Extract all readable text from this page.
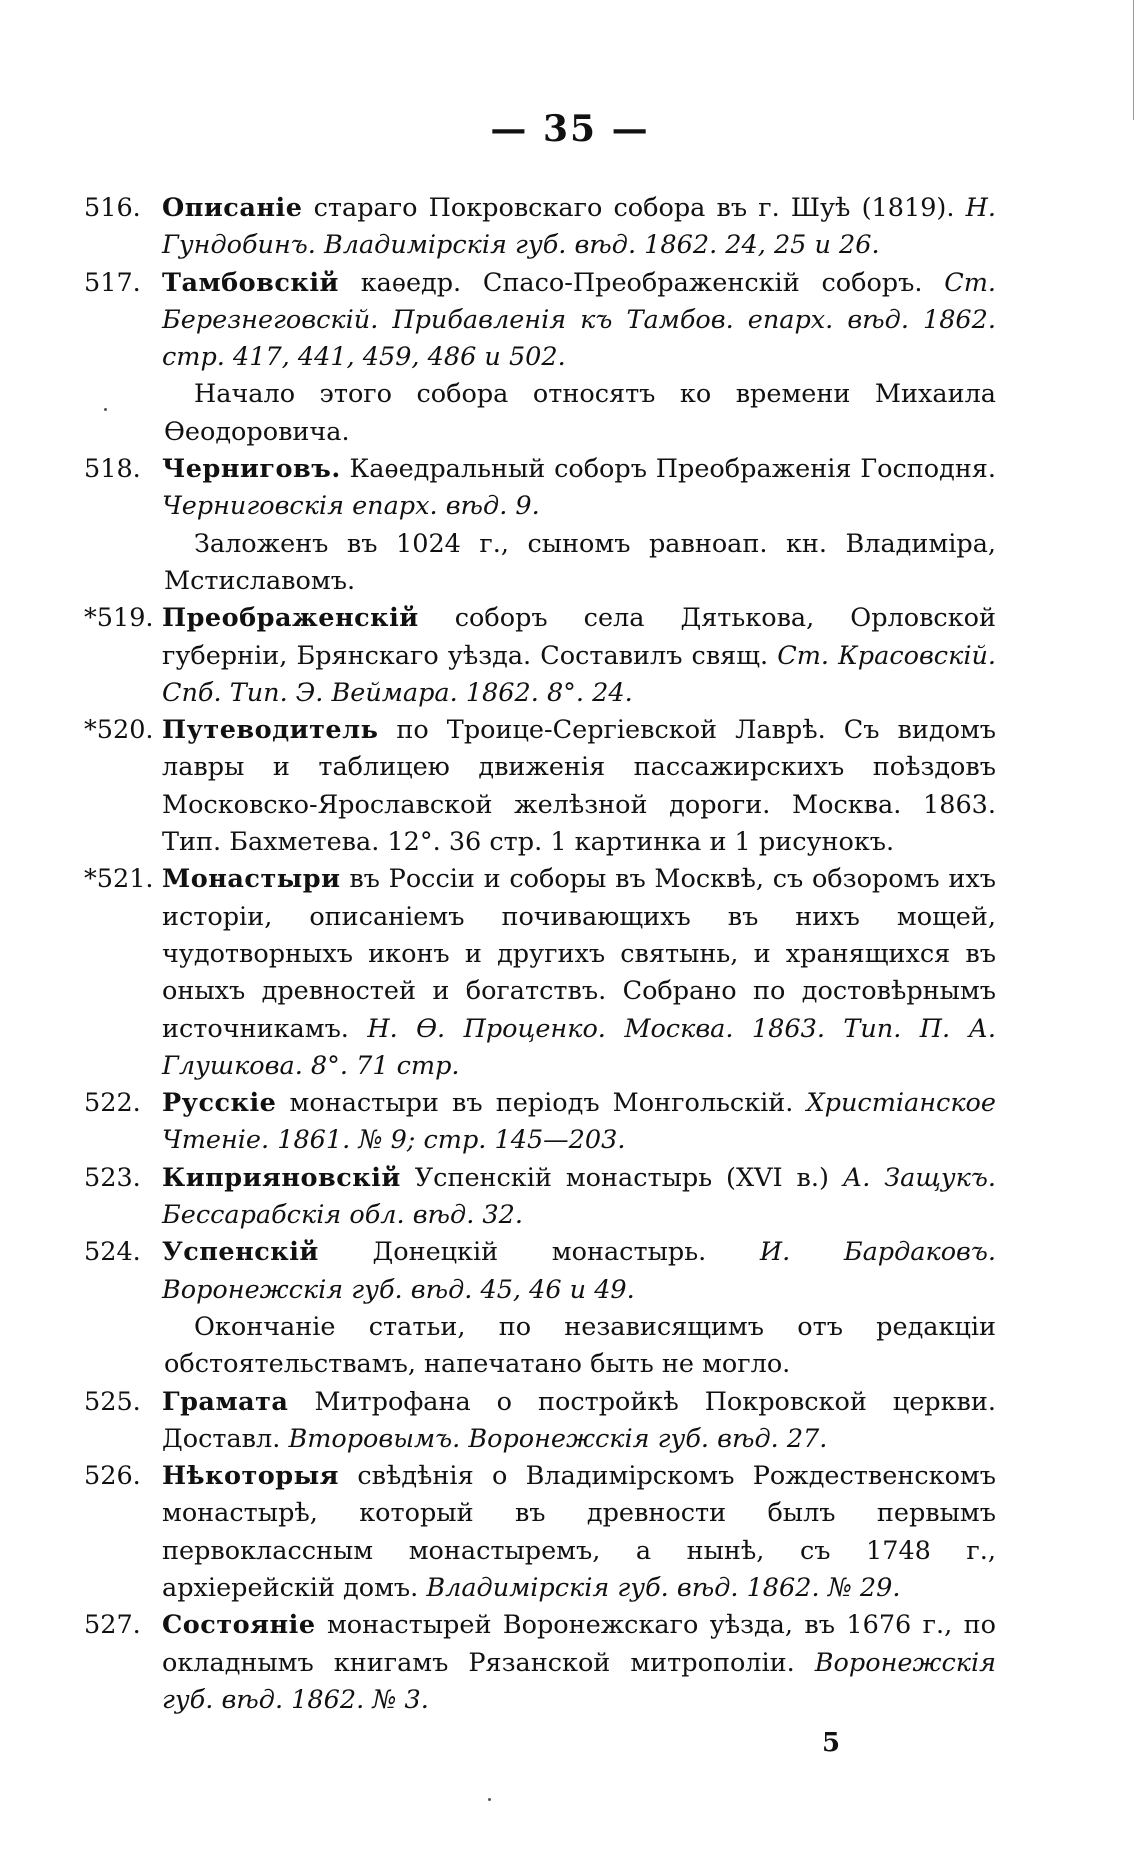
— 35 —
516. Описаніе стараго Покровскаго собора въ г. Шуѣ (1819). Н. Гундобинъ. Владимірскія губ. вѣд. 1862. 24, 25 и 26.
517. Тамбовскій каѳедр. Спасо-Преображенскій соборъ. Ст. Березнеговскій. Прибавленія къ Тамбов. епарх. вѣд. 1862. стр. 417, 441, 459, 486 и 502.
Начало этого собора относятъ ко времени Михаила Ѳеодоровича.
518. Черниговъ. Каѳедральный соборъ Преображенія Господня. Черниговскія епарх. вѣд. 9.
Заложенъ въ 1024 г., сыномъ равноап. кн. Владиміра, Мстиславомъ.
*519. Преображенскій соборъ села Дятькова, Орловской губерніи, Брянскаго уѣзда. Составилъ свящ. Ст. Красовскій. Спб. Тип. Э. Веймара. 1862. 8°. 24.
*520. Путеводитель по Троице-Сергіевской Лаврѣ. Съ видомъ лавры и таблицею движенія пассажирскихъ поѣздовъ Московско-Ярославской желѣзной дороги. Москва. 1863. Тип. Бахметева. 12°. 36 стр. 1 картинка и 1 рисунокъ.
*521. Монастыри въ Россіи и соборы въ Москвѣ, съ обзоромъ ихъ исторіи, описаніемъ почивающихъ въ нихъ мощей, чудотворныхъ иконъ и другихъ святынь, и хранящихся въ оныхъ древностей и богатствъ. Собрано по достовѣрнымъ источникамъ. Н. Ѳ. Проценко. Москва. 1863. Тип. П. А. Глушкова. 8°. 71 стр.
522. Русскіе монастыри въ періодъ Монгольскій. Христіанское Чтеніе. 1861. № 9; стр. 145—203.
523. Киприяновскій Успенскій монастырь (XVI в.) А. Защукъ. Бессарабскія обл. вѣд. 32.
524. Успенскій Донецкій монастырь. И. Бардаковъ. Воронежскія губ. вѣд. 45, 46 и 49.
Окончаніе статьи, по независящимъ отъ редакціи обстоятельствамъ, напечатано быть не могло.
525. Грамата Митрофана о постройкѣ Покровской церкви. Доставл. Второвымъ. Воронежскія губ. вѣд. 27.
526. Нѣкоторыя свѣдѣнія о Владимірскомъ Рождественскомъ монастырѣ, который въ древности былъ первымъ первоклассным монастыремъ, а нынѣ, съ 1748 г., архіерейскій домъ. Владимірскія губ. вѣд. 1862. № 29.
527. Состояніе монастырей Воронежскаго уѣзда, въ 1676 г., по окладнымъ книгамъ Рязанской митрополіи. Воронежскія губ. вѣд. 1862. № 3.
5
